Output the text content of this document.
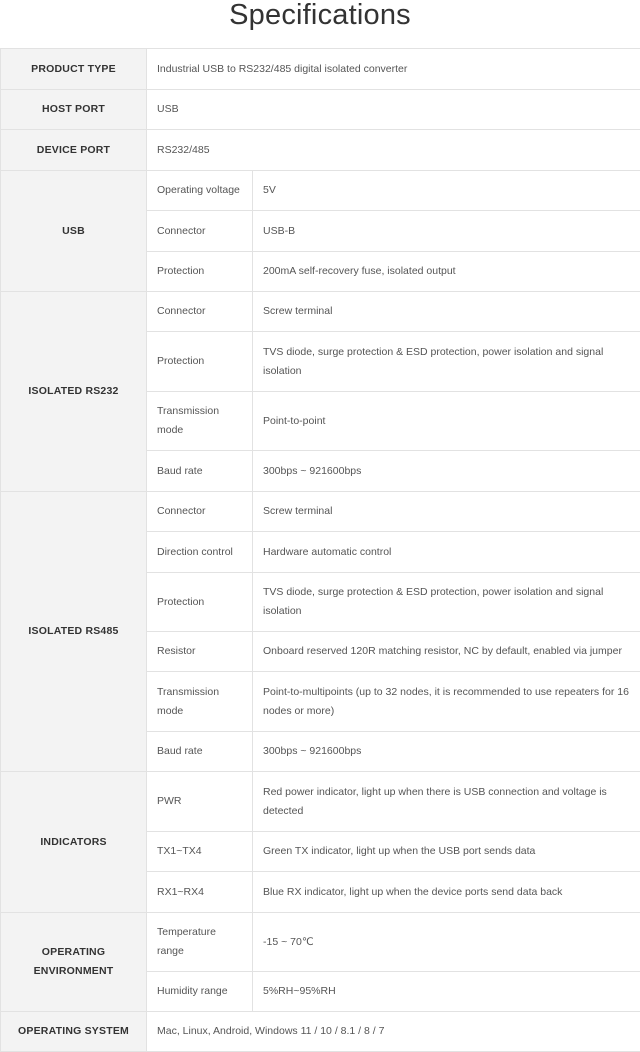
Specifications
PRODUCT TYPE	Industrial USB to RS232/485 digital isolated converter	
HOST PORT	USB	
DEVICE PORT	RS232/485	
USB	Operating voltage	5V
	Connector	USB-B
	Protection	200mA self-recovery fuse, isolated output
ISOLATED RS232	Connector	Screw terminal
	Protection	TVS diode, surge protection & ESD protection, power isolation and signal isolation
	Transmission mode	Point-to-point
	Baud rate	300bps ~ 921600bps
ISOLATED RS485	Connector	Screw terminal
	Direction control	Hardware automatic control
	Protection	TVS diode, surge protection & ESD protection, power isolation and signal isolation
	Resistor	Onboard reserved 120R matching resistor, NC by default, enabled via jumper
	Transmission mode	Point-to-multipoints (up to 32 nodes, it is recommended to use repeaters for 16 nodes or more)
	Baud rate	300bps ~ 921600bps
INDICATORS	PWR	Red power indicator, light up when there is USB connection and voltage is detected
	TX1~TX4	Green TX indicator, light up when the USB port sends data
	RX1~RX4	Blue RX indicator, light up when the device ports send data back
OPERATING ENVIRONMENT	Temperature range	-15 ~ 70℃
	Humidity range	5%RH~95%RH
OPERATING SYSTEM	Mac, Linux, Android, Windows 11 / 10 / 8.1 / 8 / 7	
